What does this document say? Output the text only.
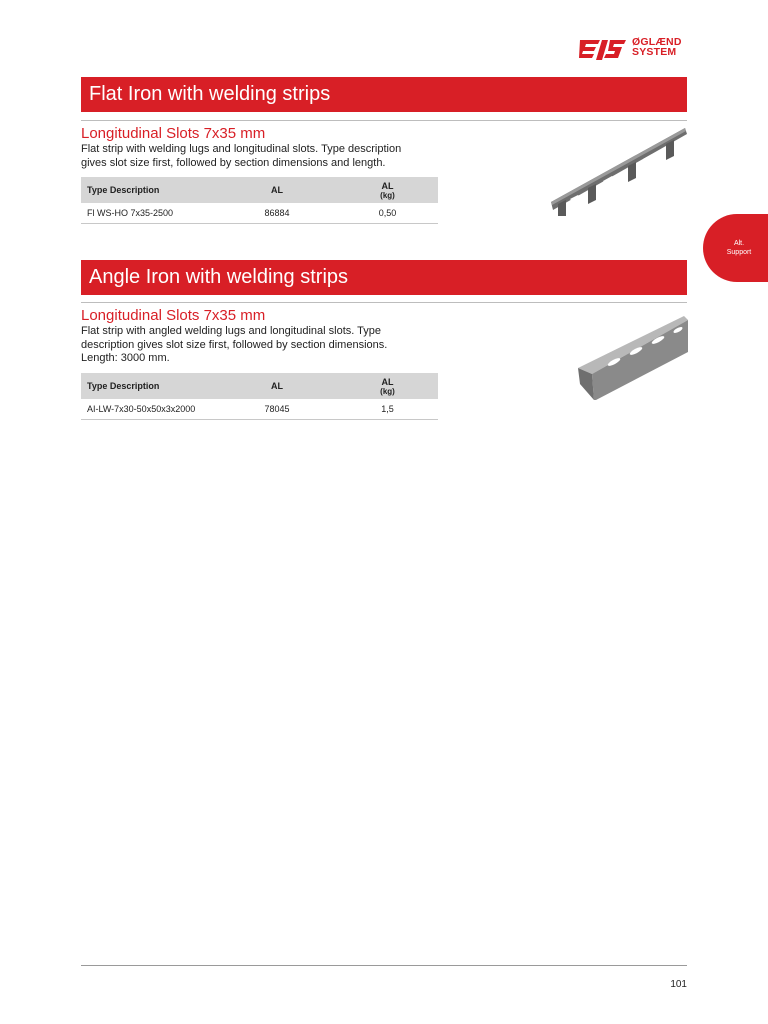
ØGLÆND
SYSTEM
Flat Iron with welding strips
Longitudinal Slots 7x35 mm
Flat strip with welding lugs and longitudinal slots. Type description gives slot size first, followed by section dimensions and length.
Type Description	AL	AL
(kg)

Fl WS-HO 7x35-2500	86884	0,50
Alt.
Support
Angle Iron with welding strips
Longitudinal Slots 7x35 mm
Flat strip with angled welding lugs and longitudinal slots. Type description gives slot size first, followed by section dimensions. Length: 3000 mm.
Type Description	AL	AL
(kg)

AI-LW-7x30-50x50x3x2000	78045	1,5
101
